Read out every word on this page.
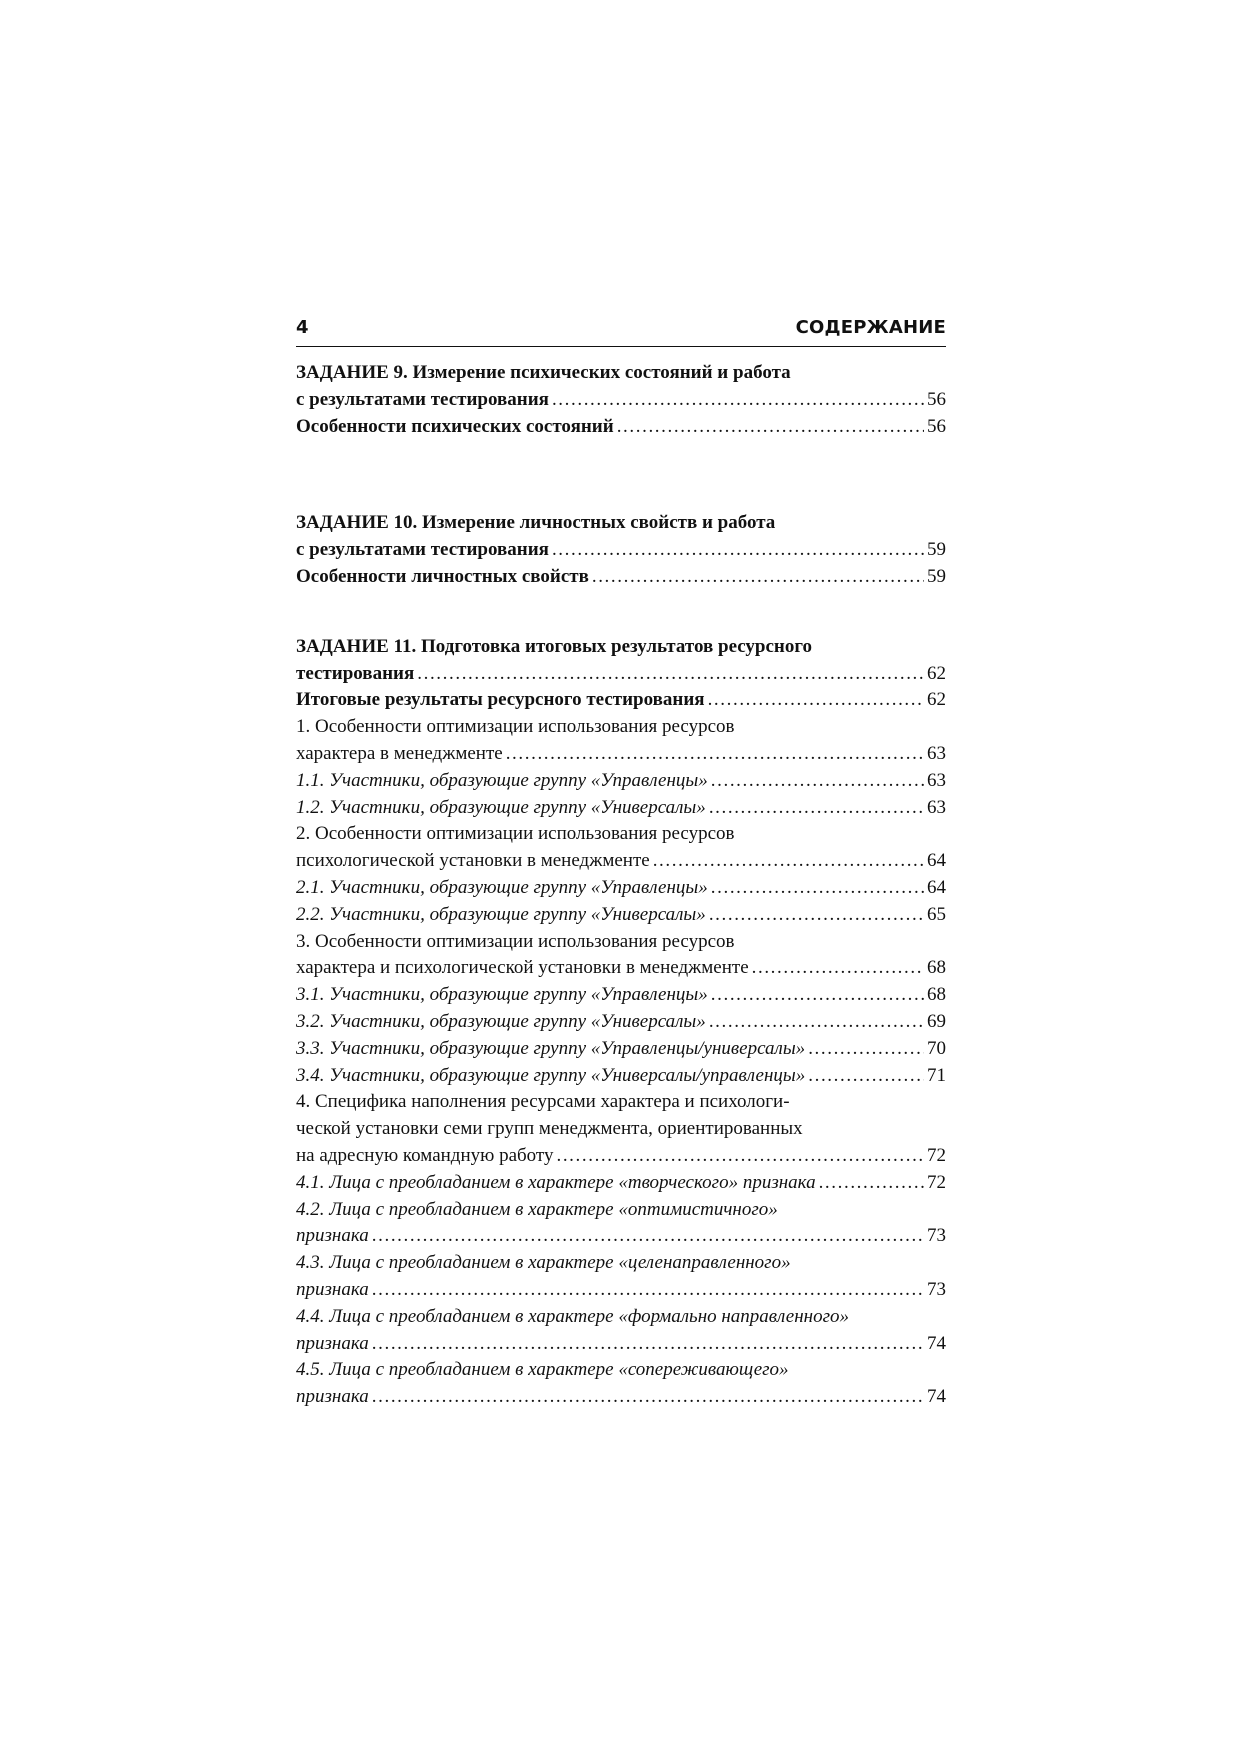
4	СОДЕРЖАНИЕ
ЗАДАНИЕ 9. Измерение психических состояний и работа
с результатами тестирования .....	56
Особенности психических состояний .....	56
ЗАДАНИЕ 10. Измерение личностных свойств и работа
с результатами тестирования .....	59
Особенности личностных свойств .....	59
ЗАДАНИЕ 11. Подготовка итоговых результатов ресурсного
тестирования .....	62
Итоговые результаты ресурсного тестирования .....	62
1. Особенности оптимизации использования ресурсов
характера в менеджменте .....	63
1.1. Участники, образующие группу «Управленцы» .....	63
1.2. Участники, образующие группу «Универсалы» .....	63
2. Особенности оптимизации использования ресурсов
психологической установки в менеджменте .....	64
2.1. Участники, образующие группу «Управленцы» .....	64
2.2. Участники, образующие группу «Универсалы» .....	65
3. Особенности оптимизации использования ресурсов
характера и психологической установки в менеджменте .....	68
3.1. Участники, образующие группу «Управленцы» .....	68
3.2. Участники, образующие группу «Универсалы» .....	69
3.3. Участники, образующие группу «Управленцы/универсалы» .....	70
3.4. Участники, образующие группу «Универсалы/управленцы» .....	71
4. Специфика наполнения ресурсами характера и психологи-
ческой установки семи групп менеджмента, ориентированных
на адресную командную работу .....	72
4.1. Лица с преобладанием в характере «творческого» признака .....	72
4.2. Лица с преобладанием в характере «оптимистичного»
признака .....	73
4.3. Лица с преобладанием в характере «целенаправленного»
признака .....	73
4.4. Лица с преобладанием в характере «формально направленного»
признака .....	74
4.5. Лица с преобладанием в характере «сопереживающего»
признака .....	74
